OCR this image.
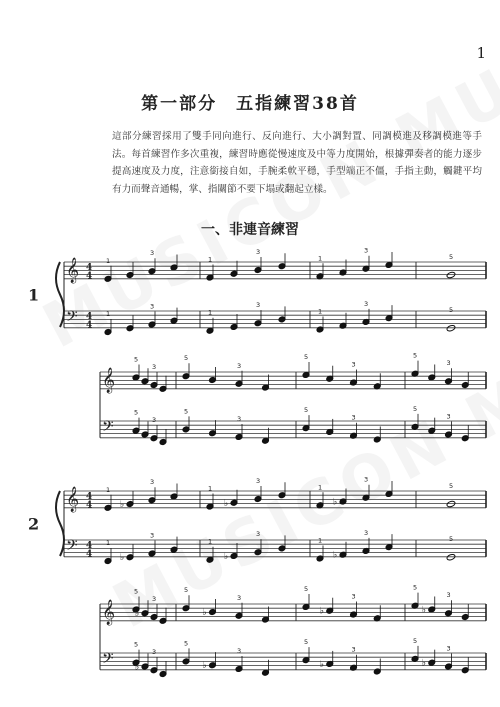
1
第一部分　五指練習38首
這部分練習採用了雙手同向進行、反向進行、大小調對置、同調模進及移調模進等手法。每首練習作多次重複，練習時應從慢速度及中等力度開始，根據彈奏者的能力逐步提高速度及力度，注意銜接自如，手腕柔軟平穩，手型端正不僵，手指主動，觸鍵平均有力而聲音通暢，掌、指關節不要下塌或翻起立樣。
一、非連音練習
𝄞
𝄢
4
4
4
4
1
1
1
3
3
1
1
3
3
1
1
3
3
5
5
𝄞
𝄢
5
5
3
3
5
5
3
3
5
5
3
3
5
5
3
3
𝄞
𝄢
4
4
4
4
2
1
1
♭
♭
3
3
1
1
♭
♭
3
3
1
1
♭
♭
3
3
5
5
𝄞
𝄢
5
5
♭
♭
3
3
5
5
♭
♭
3
3
5
5
♭
♭
3
3
5
5
♭
♭
3
3
